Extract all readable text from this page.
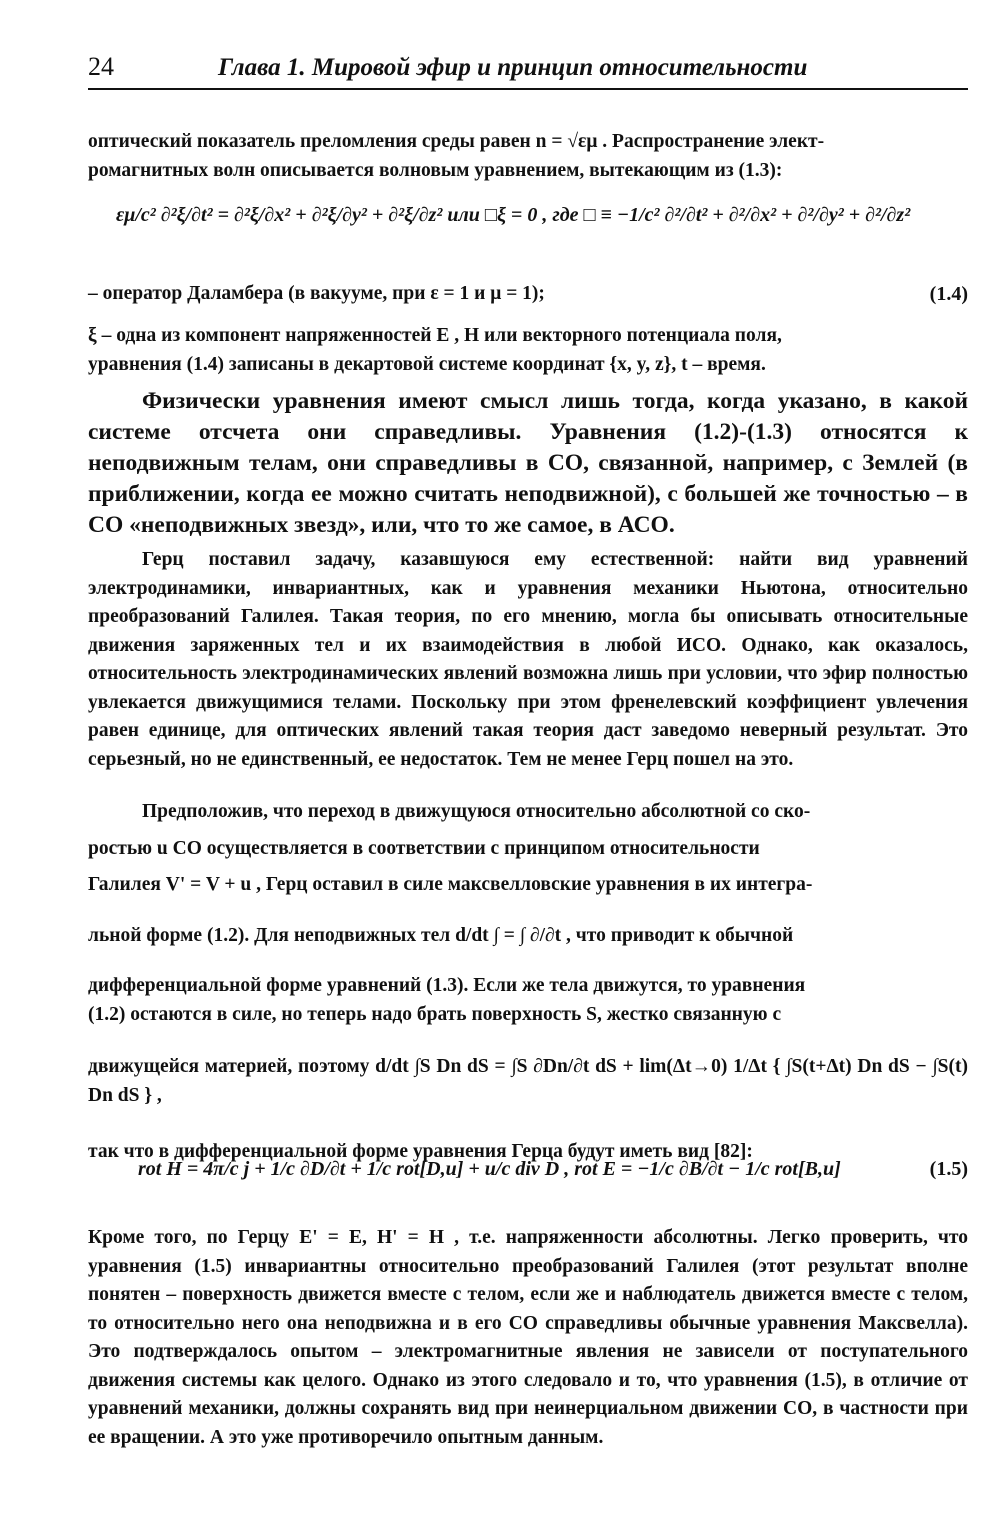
24	Глава 1. Мировой эфир и принцип относительности
оптический показатель преломления среды равен n = √εμ . Распространение элект-
ромагнитных волн описывается волновым уравнением, вытекающим из (1.3):
εμ/c² ∂²ξ/∂t² = ∂²ξ/∂x² + ∂²ξ/∂y² + ∂²ξ/∂z² или □ξ = 0 , где □ ≡ −1/c² ∂²/∂t² + ∂²/∂x² + ∂²/∂y² + ∂²/∂z²
– оператор Даламбера (в вакууме, при ε = 1 и μ = 1);	(1.4)
ξ – одна из компонент напряженностей E , H или векторного потенциала поля,
уравнения (1.4) записаны в декартовой системе координат {x, y, z}, t – время.
Физически уравнения имеют смысл лишь тогда, когда указано, в какой системе отсчета они справедливы. Уравнения (1.2)-(1.3) относятся к неподвижным телам, они справедливы в СО, связанной, например, с Землей (в приближении, когда ее можно считать неподвижной), с большей же точностью – в СО «неподвижных звезд», или, что то же самое, в АСО.
Герц поставил задачу, казавшуюся ему естественной: найти вид уравнений электродинамики, инвариантных, как и уравнения механики Ньютона, относительно преобразований Галилея. Такая теория, по его мнению, могла бы описывать относительные движения заряженных тел и их взаимодействия в любой ИСО. Однако, как оказалось, относительность электродинамических явлений возможна лишь при условии, что эфир полностью увлекается движущимися телами. Поскольку при этом френелевский коэффициент увлечения равен единице, для оптических явлений такая теория даст заведомо неверный результат. Это серьезный, но не единственный, ее недостаток. Тем не менее Герц пошел на это.
Предположив, что переход в движущуюся относительно абсолютной со ско-
ростью u СО осуществляется в соответствии с принципом относительности
Галилея V' = V + u , Герц оставил в силе максвелловские уравнения в их интегра-
льной форме (1.2). Для неподвижных тел d/dt ∫ = ∫ ∂/∂t , что приводит к обычной
дифференциальной форме уравнений (1.3). Если же тела движутся, то уравнения
(1.2) остаются в силе, но теперь надо брать поверхность S, жестко связанную с
движущейся материей, поэтому d/dt ∫S Dn dS = ∫S ∂Dn/∂t dS + lim(Δt→0) 1/Δt { ∫S(t+Δt) Dn dS − ∫S(t) Dn dS } ,
так что в дифференциальной форме уравнения Герца будут иметь вид [82]:
rot H = 4π/c j + 1/c ∂D/∂t + 1/c rot[D,u] + u/c div D , rot E = −1/c ∂B/∂t − 1/c rot[B,u]	(1.5)
Кроме того, по Герцу E' = E, H' = H , т.е. напряженности абсолютны. Легко проверить, что уравнения (1.5) инвариантны относительно преобразований Галилея (этот результат вполне понятен – поверхность движется вместе с телом, если же и наблюдатель движется вместе с телом, то относительно него она неподвижна и в его СО справедливы обычные уравнения Максвелла). Это подтверждалось опытом – электромагнитные явления не зависели от поступательного движения системы как целого. Однако из этого следовало и то, что уравнения (1.5), в отличие от уравнений механики, должны сохранять вид при неинерциальном движении СО, в частности при ее вращении. А это уже противоречило опытным данным.
